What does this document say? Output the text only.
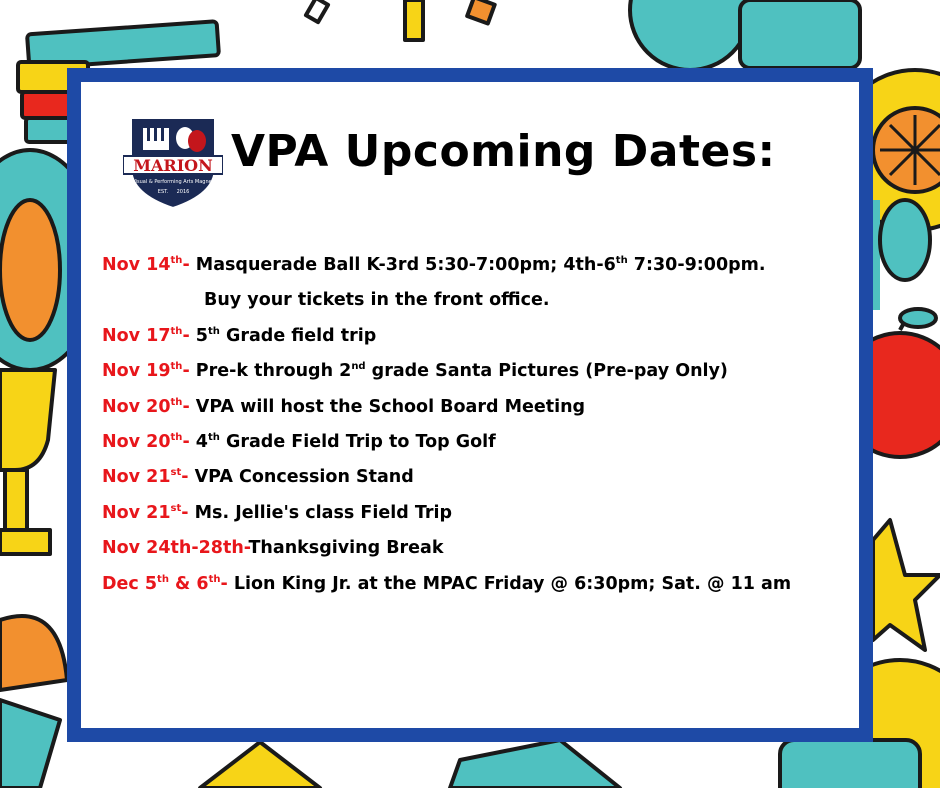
MARION
Visual & Performing Arts Magnet
EST. 2016
VPA Upcoming Dates:
Nov 14th- Masquerade Ball K-3rd 5:30-7:00pm; 4th-6th 7:30-9:00pm.
Buy your tickets in the front office.
Nov 17th- 5th Grade field trip
Nov 19th- Pre-k through 2nd grade Santa Pictures (Pre-pay Only)
Nov 20th- VPA will host the School Board Meeting
Nov 20th- 4th Grade Field Trip to Top Golf
Nov 21st- VPA Concession Stand
Nov 21st- Ms. Jellie's class Field Trip
Nov 24th-28th-Thanksgiving Break
Dec 5th & 6th- Lion King Jr. at the MPAC Friday @ 6:30pm; Sat. @ 11 am
